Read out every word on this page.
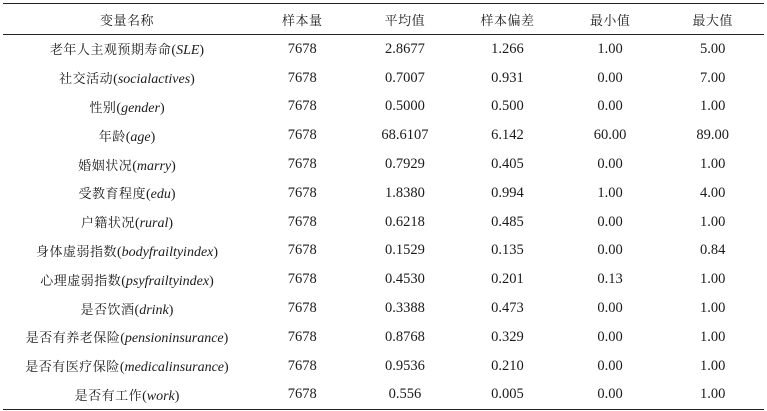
变量名称	样本量	平均值	样本偏差	最小值	最大值
老年人主观预期寿命(SLE)	7678	2.8677	1.266	1.00	5.00
社交活动(socialactives)	7678	0.7007	0.931	0.00	7.00
性别(gender)	7678	0.5000	0.500	0.00	1.00
年龄(age)	7678	68.6107	6.142	60.00	89.00
婚姻状况(marry)	7678	0.7929	0.405	0.00	1.00
受教育程度(edu)	7678	1.8380	0.994	1.00	4.00
户籍状况(rural)	7678	0.6218	0.485	0.00	1.00
身体虚弱指数(bodyfrailtyindex)	7678	0.1529	0.135	0.00	0.84
心理虚弱指数(psyfrailtyindex)	7678	0.4530	0.201	0.13	1.00
是否饮酒(drink)	7678	0.3388	0.473	0.00	1.00
是否有养老保险(pensioninsurance)	7678	0.8768	0.329	0.00	1.00
是否有医疗保险(medicalinsurance)	7678	0.9536	0.210	0.00	1.00
是否有工作(work)	7678	0.556	0.005	0.00	1.00
